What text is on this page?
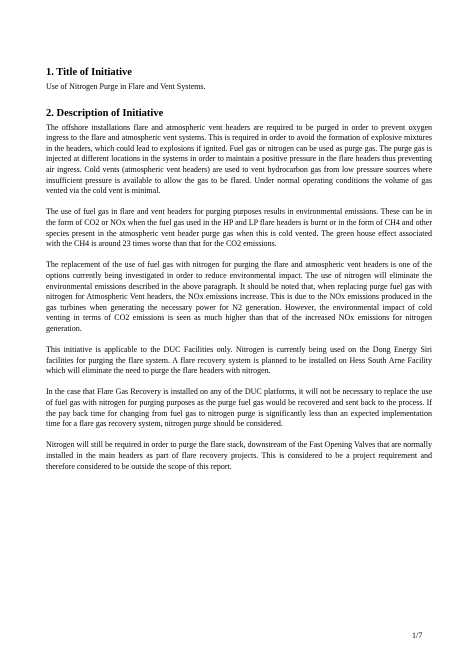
1. Title of Initiative

Use of Nitrogen Purge in Flare and Vent Systems.

2. Description of Initiative

The offshore installations flare and atmospheric vent headers are required to be purged in order to prevent oxygen ingress to the flare and atmospheric vent systems. This is required in order to avoid the formation of explosive mixtures in the headers, which could lead to explosions if ignited. Fuel gas or nitrogen can be used as purge gas. The purge gas is injected at different locations in the systems in order to maintain a positive pressure in the flare headers thus preventing air ingress. Cold vents (atmospheric vent headers) are used to vent hydrocarbon gas from low pressure sources where insufficient pressure is available to allow the gas to be flared. Under normal operating conditions the volume of gas vented via the cold vent is minimal.

The use of fuel gas in flare and vent headers for purging purposes results in environmental emissions. These can be in the form of CO2 or NOx when the fuel gas used in the HP and LP flare headers is burnt or in the form of CH4 and other species present in the atmospheric vent header purge gas when this is cold vented. The green house effect associated with the CH4 is around 23 times worse than that for the CO2 emissions.

The replacement of the use of fuel gas with nitrogen for purging the flare and atmospheric vent headers is one of the options currently being investigated in order to reduce environmental impact. The use of nitrogen will eliminate the environmental emissions described in the above paragraph. It should be noted that, when replacing purge fuel gas with nitrogen for Atmospheric Vent headers, the NOx emissions increase. This is due to the NOx emissions produced in the gas turbines when generating the necessary power for N2 generation. However, the environmental impact of cold venting in terms of CO2 emissions is seen as much higher than that of the increased NOx emissions for nitrogen generation.

This initiative is applicable to the DUC Facilities only. Nitrogen is currently being used on the Dong Energy Siri facilities for purging the flare system. A flare recovery system is planned to be installed on Hess South Arne Facility which will eliminate the need to purge the flare headers with nitrogen.

In the case that Flare Gas Recovery is installed on any of the DUC platforms, it will not be necessary to replace the use of fuel gas with nitrogen for purging purposes as the purge fuel gas would be recovered and sent back to the process. If the pay back time for changing from fuel gas to nitrogen purge is significantly less than an expected implementation time for a flare gas recovery system, nitrogen purge should be considered.

Nitrogen will still be required in order to purge the flare stack, downstream of the Fast Opening Valves that are normally installed in the main headers as part of flare recovery projects. This is considered to be a project requirement and therefore considered to be outside the scope of this report.

1/7
